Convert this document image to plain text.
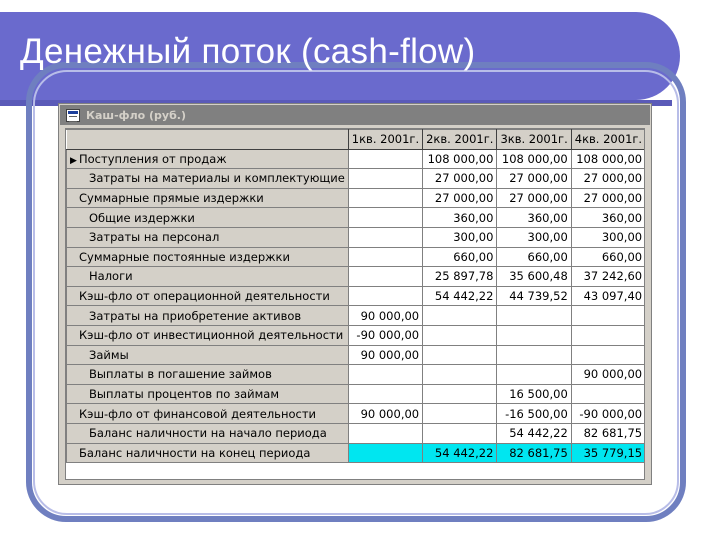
Денежный поток (cash-flow)
Каш-фло (руб.)
	1кв. 2001г.	2кв. 2001г.	3кв. 2001г.	4кв. 2001г.
▶ Поступления от продаж		108 000,00	108 000,00	108 000,00
Затраты на материалы и комплектующие		27 000,00	27 000,00	27 000,00
Суммарные прямые издержки		27 000,00	27 000,00	27 000,00
Общие издержки		360,00	360,00	360,00
Затраты на персонал		300,00	300,00	300,00
Суммарные постоянные издержки		660,00	660,00	660,00
Налоги		25 897,78	35 600,48	37 242,60
Кэш-фло от операционной деятельности		54 442,22	44 739,52	43 097,40
Затраты на приобретение активов	90 000,00			
Кэш-фло от инвестиционной деятельности	-90 000,00			
Займы	90 000,00			
Выплаты в погашение займов				90 000,00
Выплаты процентов по займам			16 500,00	
Кэш-фло от финансовой деятельности	90 000,00		-16 500,00	-90 000,00
Баланс наличности на начало периода			54 442,22	82 681,75
Баланс наличности на конец периода		54 442,22	82 681,75	35 779,15
